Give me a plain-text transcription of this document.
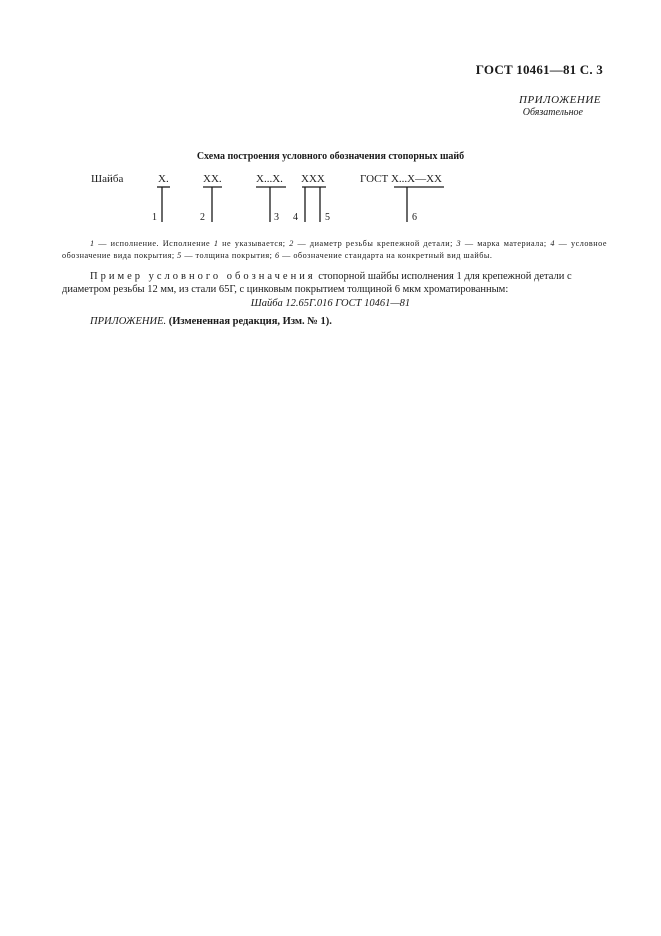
ГОСТ 10461—81 С. 3
ПРИЛОЖЕНИЕ
Обязательное
Схема построения условного обозначения стопорных шайб
Шайба	X.	XX.	X...X. XXX	ГОСТ X...X—XX
1	2	3 4	5	6
1 — исполнение. Исполнение 1 не указывается; 2 — диаметр резьбы крепежной детали; 3 — марка материала; 4 — условное обозначение вида покрытия; 5 — толщина покрытия; 6 — обозначение стандарта на конкретный вид шайбы.
Пример условного обозначения стопорной шайбы исполнения 1 для крепежной детали с диаметром резьбы 12 мм, из стали 65Г, с цинковым покрытием толщиной 6 мкм хроматированным:
Шайба 12.65Г.016 ГОСТ 10461—81
ПРИЛОЖЕНИЕ. (Измененная редакция, Изм. № 1).
